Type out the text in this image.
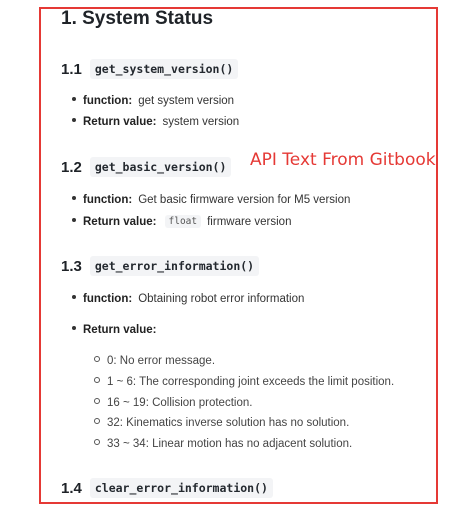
API Text From Gitbook
1. System Status
1.1 get_system_version()
function: get system version
Return value: system version
1.2 get_basic_version()
function: Get basic firmware version for M5 version
Return value: float firmware version
1.3 get_error_information()
function: Obtaining robot error information
Return value:
0: No error message.
1 ~ 6: The corresponding joint exceeds the limit position.
16 ~ 19: Collision protection.
32: Kinematics inverse solution has no solution.
33 ~ 34: Linear motion has no adjacent solution.
1.4 clear_error_information()
